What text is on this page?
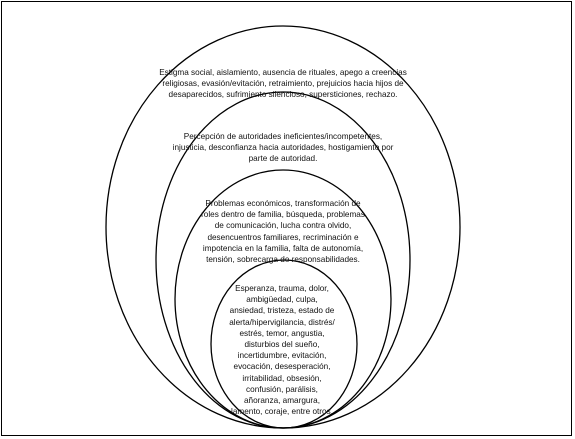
Estigma social, aislamiento, ausencia de rituales, apego a creencias
religiosas, evasión/evitación, retraimiento, prejuicios hacia hijos de
desaparecidos, sufrimiento silencioso, supersticiones, rechazo.
Percepción de autoridades ineficientes/incompetentes,
injusticia, desconfianza hacia autoridades, hostigamiento por
parte de autoridad.
Problemas económicos, transformación de
roles dentro de familia, búsqueda, problemas
de comunicación, lucha contra olvido,
desencuentros familiares, recriminación e
impotencia en la familia, falta de autonomía,
tensión, sobrecarga de responsabilidades.
Esperanza, trauma, dolor,
ambigüedad, culpa,
ansiedad, tristeza, estado de
alerta/hipervigilancia, distrés/
estrés, temor, angustia,
disturbios del sueño,
incertidumbre, evitación,
evocación, desesperación,
irritabilidad, obsesión,
confusión, parálisis,
añoranza, amargura,
lamento, coraje, entre otros.
